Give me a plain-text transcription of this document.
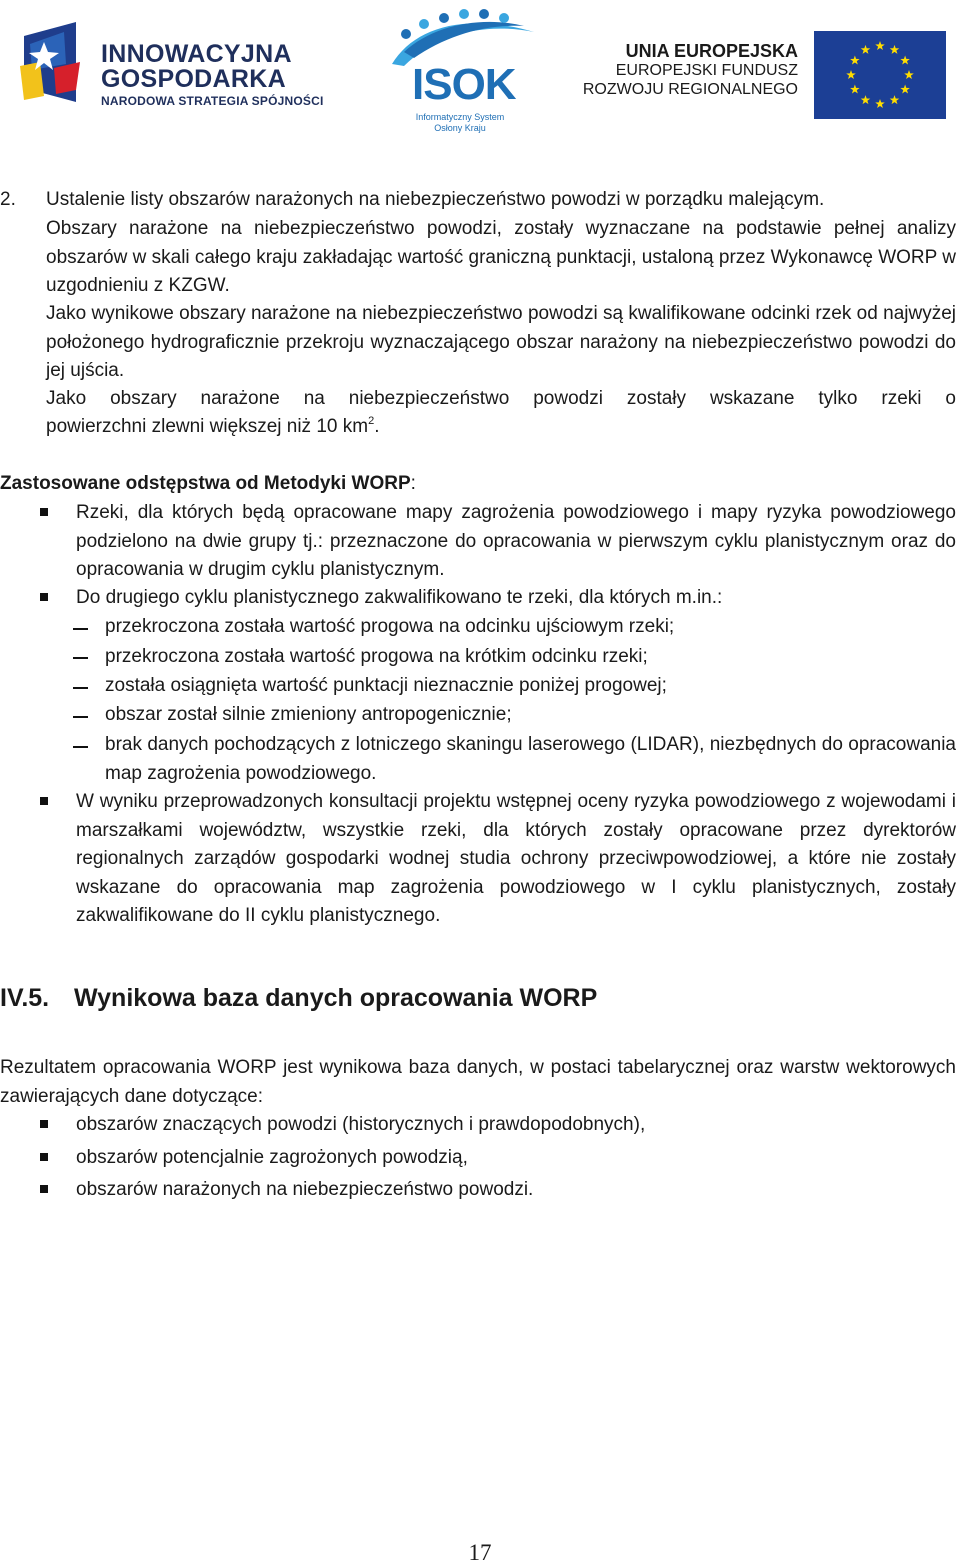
INNOWACYJNA
GOSPODARKA
NARODOWA STRATEGIA SPÓJNOŚCI ISOK
Informatyczny System
Osłony Kraju
UNIA EUROPEJSKA
EUROPEJSKI FUNDUSZ
ROZWOJU REGIONALNEGO
2.	Ustalenie listy obszarów narażonych na niebezpieczeństwo powodzi w porządku malejącym.
Obszary narażone na niebezpieczeństwo powodzi, zostały wyznaczane na podstawie pełnej analizy obszarów w skali całego kraju zakładając wartość graniczną punktacji, ustaloną przez Wykonawcę WORP w uzgodnieniu z KZGW.
Jako wynikowe obszary narażone na niebezpieczeństwo powodzi są kwalifikowane odcinki rzek od najwyżej położonego hydrograficznie przekroju wyznaczającego obszar narażony na niebezpieczeństwo powodzi do jej ujścia.
Jako obszary narażone na niebezpieczeństwo powodzi zostały wskazane tylko rzeki o
powierzchni zlewni większej niż 10 $km^2$.
Zastosowane odstępstwa od Metodyki WORP:
Rzeki, dla których będą opracowane mapy zagrożenia powodziowego i mapy ryzyka powodziowego podzielono na dwie grupy tj.: przeznaczone do opracowania w pierwszym cyklu planistycznym oraz do opracowania w drugim cyklu planistycznym.
Do drugiego cyklu planistycznego zakwalifikowano te rzeki, dla których m.in.:
przekroczona została wartość progowa na odcinku ujściowym rzeki;
przekroczona została wartość progowa na krótkim odcinku rzeki;
została osiągnięta wartość punktacji nieznacznie poniżej progowej;
obszar został silnie zmieniony antropogenicznie;
brak danych pochodzących z lotniczego skaningu laserowego (LIDAR), niezbędnych do opracowania map zagrożenia powodziowego.
W wyniku przeprowadzonych konsultacji projektu wstępnej oceny ryzyka powodziowego z wojewodami i marszałkami województw, wszystkie rzeki, dla których zostały opracowane przez dyrektorów regionalnych zarządów gospodarki wodnej studia ochrony przeciwpowodziowej, a które nie zostały wskazane do opracowania map zagrożenia powodziowego w I cyklu planistycznych, zostały zakwalifikowane do II cyklu planistycznego.
IV.5. Wynikowa baza danych opracowania WORP
Rezultatem opracowania WORP jest wynikowa baza danych, w postaci tabelarycznej oraz warstw wektorowych zawierających dane dotyczące:
obszarów znaczących powodzi (historycznych i prawdopodobnych),
obszarów potencjalnie zagrożonych powodzią,
obszarów narażonych na niebezpieczeństwo powodzi.
17
